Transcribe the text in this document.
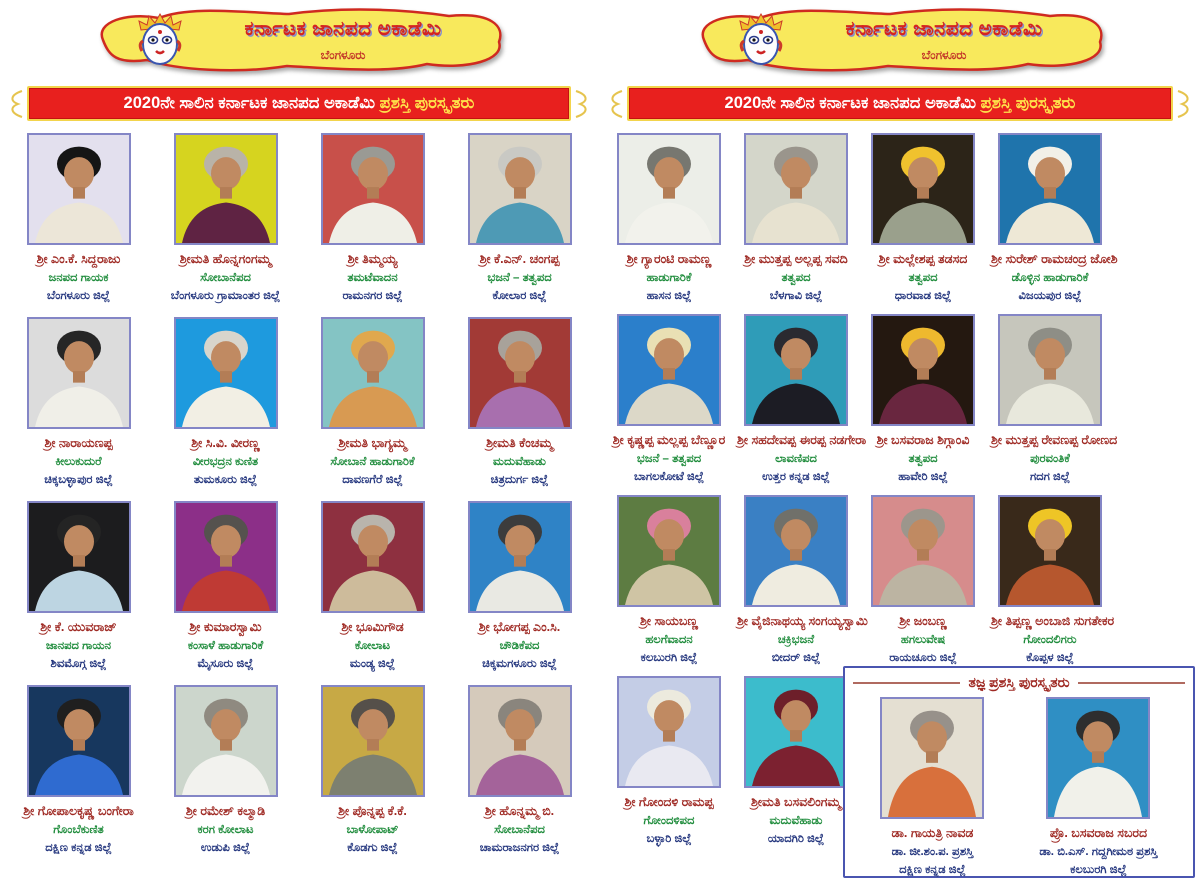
ಕರ್ನಾಟಕ ಜಾನಪದ ಅಕಾಡೆಮಿ
ಬೆಂಗಳೂರು
2020ನೇ ಸಾಲಿನ ಕರ್ನಾಟಕ ಜಾನಪದ ಅಕಾಡೆಮಿ ಪ್ರಶಸ್ತಿ ಪುರಸ್ಕೃತರು
ಶ್ರೀ ಎಂ.ಕೆ. ಸಿದ್ದರಾಜು
ಜನಪದ ಗಾಯಕ
ಬೆಂಗಳೂರು ಜಿಲ್ಲೆ
ಶ್ರೀಮತಿ ಹೊನ್ನಗಂಗಮ್ಮ
ಸೋಬಾನೆಪದ
ಬೆಂಗಳೂರು ಗ್ರಾಮಾಂತರ ಜಿಲ್ಲೆ
ಶ್ರೀ ತಿಮ್ಮಯ್ಯ
ತಮಟೆವಾದನ
ರಾಮನಗರ ಜಿಲ್ಲೆ
ಶ್ರೀ ಕೆ.ಎನ್. ಚಂಗಪ್ಪ
ಭಜನೆ – ತತ್ವಪದ
ಕೋಲಾರ ಜಿಲ್ಲೆ
ಶ್ರೀ ನಾರಾಯಣಪ್ಪ
ಕೀಲುಕುದುರೆ
ಚಿಕ್ಕಬಳ್ಳಾಪುರ ಜಿಲ್ಲೆ
ಶ್ರೀ ಸಿ.ವಿ. ವೀರಣ್ಣ
ವೀರಭದ್ರನ ಕುಣಿತ
ತುಮಕೂರು ಜಿಲ್ಲೆ
ಶ್ರೀಮತಿ ಭಾಗ್ಯಮ್ಮ
ಸೋಬಾನೆ ಹಾಡುಗಾರಿಕೆ
ದಾವಣಗೆರೆ ಜಿಲ್ಲೆ
ಶ್ರೀಮತಿ ಕೆಂಚಮ್ಮ
ಮದುವೆಹಾಡು
ಚಿತ್ರದುರ್ಗ ಜಿಲ್ಲೆ
ಶ್ರೀ ಕೆ. ಯುವರಾಜ್
ಜಾನಪದ ಗಾಯನ
ಶಿವಮೊಗ್ಗ ಜಿಲ್ಲೆ
ಶ್ರೀ ಕುಮಾರಸ್ವಾಮಿ
ಕಂಸಾಳೆ ಹಾಡುಗಾರಿಕೆ
ಮೈಸೂರು ಜಿಲ್ಲೆ
ಶ್ರೀ ಭೂಮಿಗೌಡ
ಕೋಲಾಟ
ಮಂಡ್ಯ ಜಿಲ್ಲೆ
ಶ್ರೀ ಭೋಗಪ್ಪ ಎಂ.ಸಿ.
ಚೌಡಿಕೆಪದ
ಚಿಕ್ಕಮಗಳೂರು ಜಿಲ್ಲೆ
ಶ್ರೀ ಗೋಪಾಲಕೃಷ್ಣ ಬಂಗೇರಾ
ಗೊಂಬೆಕುಣಿತ
ದಕ್ಷಿಣ ಕನ್ನಡ ಜಿಲ್ಲೆ
ಶ್ರೀ ರಮೇಶ್ ಕಲ್ಮಾಡಿ
ಕರಗ ಕೋಲಾಟ
ಉಡುಪಿ ಜಿಲ್ಲೆ
ಶ್ರೀ ಪೊನ್ನಪ್ಪ ಕೆ.ಕೆ.
ಬಾಳೋಪಾಟ್
ಕೊಡಗು ಜಿಲ್ಲೆ
ಶ್ರೀ ಹೊನ್ನಮ್ಮ ಬಿ.
ಸೋಬಾನೆಪದ
ಚಾಮರಾಜನಗರ ಜಿಲ್ಲೆ
ಕರ್ನಾಟಕ ಜಾನಪದ ಅಕಾಡೆಮಿ
ಬೆಂಗಳೂರು
2020ನೇ ಸಾಲಿನ ಕರ್ನಾಟಕ ಜಾನಪದ ಅಕಾಡೆಮಿ ಪ್ರಶಸ್ತಿ ಪುರಸ್ಕೃತರು
ಶ್ರೀ ಗ್ಯಾರಂಟಿ ರಾಮಣ್ಣ
ಹಾಡುಗಾರಿಕೆ
ಹಾಸನ ಜಿಲ್ಲೆ
ಶ್ರೀ ಮುತ್ತಪ್ಪ ಅಲ್ಲಪ್ಪ ಸವದಿ
ತತ್ವಪದ
ಬೆಳಗಾವಿ ಜಿಲ್ಲೆ
ಶ್ರೀ ಮಲ್ಲೇಶಪ್ಪ ತಡಸದ
ತತ್ವಪದ
ಧಾರವಾಡ ಜಿಲ್ಲೆ
ಶ್ರೀ ಸುರೇಶ್ ರಾಮಚಂದ್ರ ಜೋಶಿ
ಡೊಳ್ಳಿನ ಹಾಡುಗಾರಿಕೆ
ವಿಜಯಪುರ ಜಿಲ್ಲೆ
ಶ್ರೀ ಕೃಷ್ಣಪ್ಪ ಮಲ್ಲಪ್ಪ ಬೆಣ್ಣೂರ
ಭಜನೆ – ತತ್ವಪದ
ಬಾಗಲಕೋಟೆ ಜಿಲ್ಲೆ
ಶ್ರೀ ಸಹದೇವಪ್ಪ ಈರಪ್ಪ ನಡಗೇರಾ
ಲಾವಣಿಪದ
ಉತ್ತರ ಕನ್ನಡ ಜಿಲ್ಲೆ
ಶ್ರೀ ಬಸವರಾಜ ಶಿಗ್ಗಾಂವಿ
ತತ್ವಪದ
ಹಾವೇರಿ ಜಿಲ್ಲೆ
ಶ್ರೀ ಮುತ್ತಪ್ಪ ರೇವಣಪ್ಪ ರೋಣದ
ಪುರವಂತಿಕೆ
ಗದಗ ಜಿಲ್ಲೆ
ಶ್ರೀ ಸಾಯಬಣ್ಣ
ಹಲಗೆವಾದನ
ಕಲಬುರಗಿ ಜಿಲ್ಲೆ
ಶ್ರೀ ವೈಜಿನಾಥಯ್ಯ ಸಂಗಯ್ಯಸ್ವಾಮಿ
ಚಕ್ರಿಭಜನೆ
ಬೀದರ್ ಜಿಲ್ಲೆ
ಶ್ರೀ ಜಂಬಣ್ಣ
ಹಗಲುವೇಷ
ರಾಯಚೂರು ಜಿಲ್ಲೆ
ಶ್ರೀ ತಿಪ್ಪಣ್ಣ ಅಂಬಾಜಿ ಸುಗತೇಕರ
ಗೋಂದಲಿಗರು
ಕೊಪ್ಪಳ ಜಿಲ್ಲೆ
ಶ್ರೀ ಗೋಂದಳಿ ರಾಮಪ್ಪ
ಗೋಂದಳಿಪದ
ಬಳ್ಳಾರಿ ಜಿಲ್ಲೆ
ಶ್ರೀಮತಿ ಬಸವಲಿಂಗಮ್ಮ
ಮದುವೆಹಾಡು
ಯಾದಗಿರಿ ಜಿಲ್ಲೆ
ತಜ್ಞ ಪ್ರಶಸ್ತಿ ಪುರಸ್ಕೃತರು
ಡಾ. ಗಾಯತ್ರಿ ನಾವಡ
ಡಾ. ಜೀ.ಶಂ.ಪ. ಪ್ರಶಸ್ತಿ
ದಕ್ಷಿಣ ಕನ್ನಡ ಜಿಲ್ಲೆ
ಪ್ರೊ. ಬಸವರಾಜ ಸಬರದ
ಡಾ. ಬಿ.ಎಸ್. ಗದ್ದಗೀಮಠ ಪ್ರಶಸ್ತಿ
ಕಲಬುರಗಿ ಜಿಲ್ಲೆ
